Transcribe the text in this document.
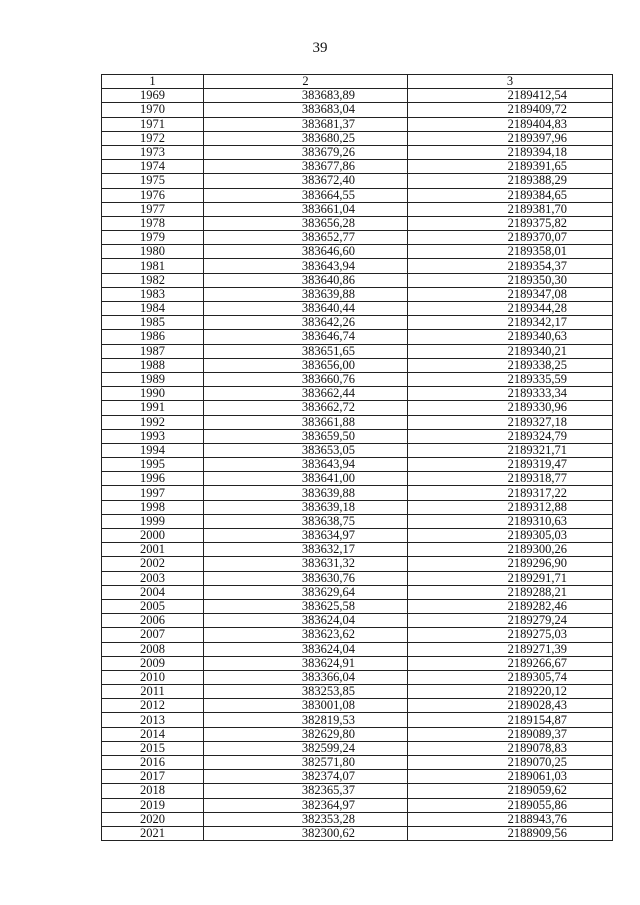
39
1	2	3
1969	383683,89	2189412,54
1970	383683,04	2189409,72
1971	383681,37	2189404,83
1972	383680,25	2189397,96
1973	383679,26	2189394,18
1974	383677,86	2189391,65
1975	383672,40	2189388,29
1976	383664,55	2189384,65
1977	383661,04	2189381,70
1978	383656,28	2189375,82
1979	383652,77	2189370,07
1980	383646,60	2189358,01
1981	383643,94	2189354,37
1982	383640,86	2189350,30
1983	383639,88	2189347,08
1984	383640,44	2189344,28
1985	383642,26	2189342,17
1986	383646,74	2189340,63
1987	383651,65	2189340,21
1988	383656,00	2189338,25
1989	383660,76	2189335,59
1990	383662,44	2189333,34
1991	383662,72	2189330,96
1992	383661,88	2189327,18
1993	383659,50	2189324,79
1994	383653,05	2189321,71
1995	383643,94	2189319,47
1996	383641,00	2189318,77
1997	383639,88	2189317,22
1998	383639,18	2189312,88
1999	383638,75	2189310,63
2000	383634,97	2189305,03
2001	383632,17	2189300,26
2002	383631,32	2189296,90
2003	383630,76	2189291,71
2004	383629,64	2189288,21
2005	383625,58	2189282,46
2006	383624,04	2189279,24
2007	383623,62	2189275,03
2008	383624,04	2189271,39
2009	383624,91	2189266,67
2010	383366,04	2189305,74
2011	383253,85	2189220,12
2012	383001,08	2189028,43
2013	382819,53	2189154,87
2014	382629,80	2189089,37
2015	382599,24	2189078,83
2016	382571,80	2189070,25
2017	382374,07	2189061,03
2018	382365,37	2189059,62
2019	382364,97	2189055,86
2020	382353,28	2188943,76
2021	382300,62	2188909,56
